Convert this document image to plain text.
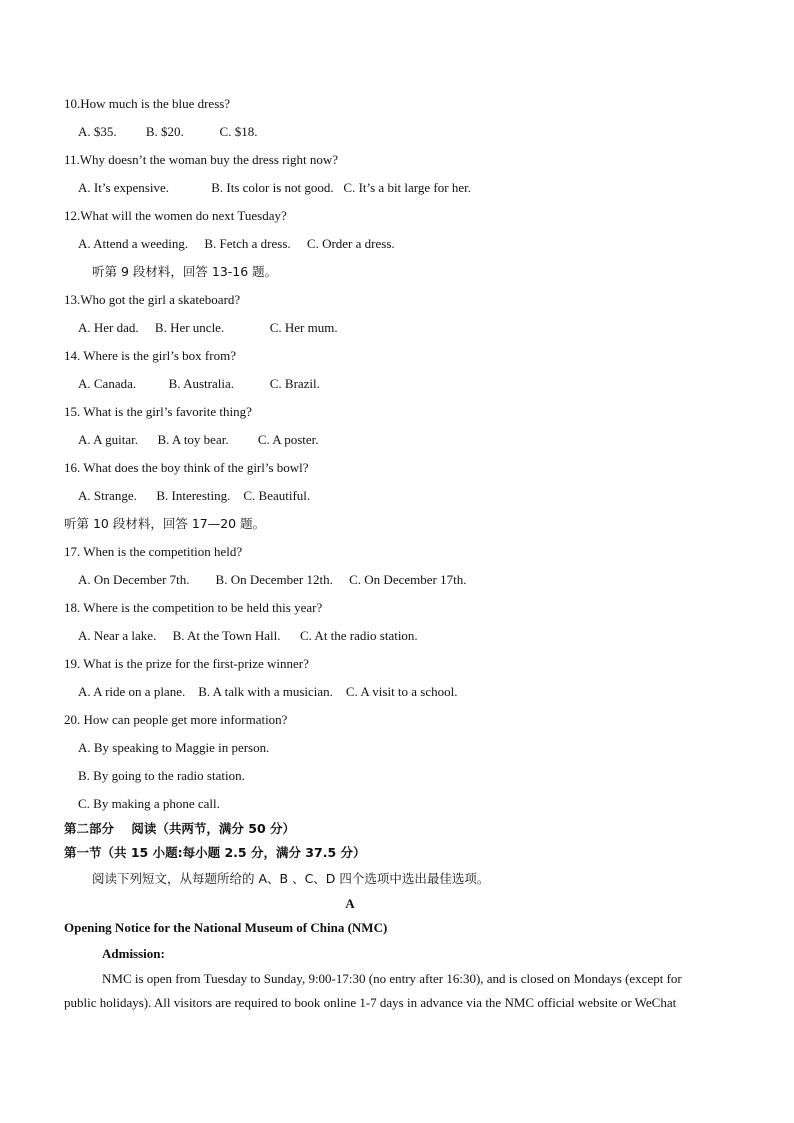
10.How much is the blue dress?
A. $35.         B. $20.           C. $18.
11.Why doesn’t the woman buy the dress right now?
A. It’s expensive.             B. Its color is not good.   C. It’s a bit large for her.
12.What will the women do next Tuesday?
A. Attend a weeding.     B. Fetch a dress.     C. Order a dress.
听第 9 段材料，回答 13-16 题。
13.Who got the girl a skateboard?
A. Her dad.     B. Her uncle.              C. Her mum.
14. Where is the girl’s box from?
A. Canada.          B. Australia.           C. Brazil.
15. What is the girl’s favorite thing?
A. A guitar.      B. A toy bear.         C. A poster.
16. What does the boy think of the girl’s bowl?
A. Strange.      B. Interesting.    C. Beautiful.
听第 10 段材料，回答 17—20 题。
17. When is the competition held?
A. On December 7th.        B. On December 12th.     C. On December 17th.
18. Where is the competition to be held this year?
A. Near a lake.     B. At the Town Hall.      C. At the radio station.
19. What is the prize for the first-prize winner?
A. A ride on a plane.    B. A talk with a musician.    C. A visit to a school.
20. How can people get more information?
A. By speaking to Maggie in person.
B. By going to the radio station.
C. By making a phone call.
第二部分    阅读（共两节，满分 50 分）
第一节（共 15 小题:每小题 2.5 分，满分 37.5 分）
阅读下列短文，从每题所给的 A、B 、C、D 四个选项中选出最佳选项。
A
Opening Notice for the National Museum of China (NMC)
Admission:
NMC is open from Tuesday to Sunday, 9:00-17:30 (no entry after 16:30), and is closed on Mondays (except for
public holidays). All visitors are required to book online 1-7 days in advance via the NMC official website or WeChat
